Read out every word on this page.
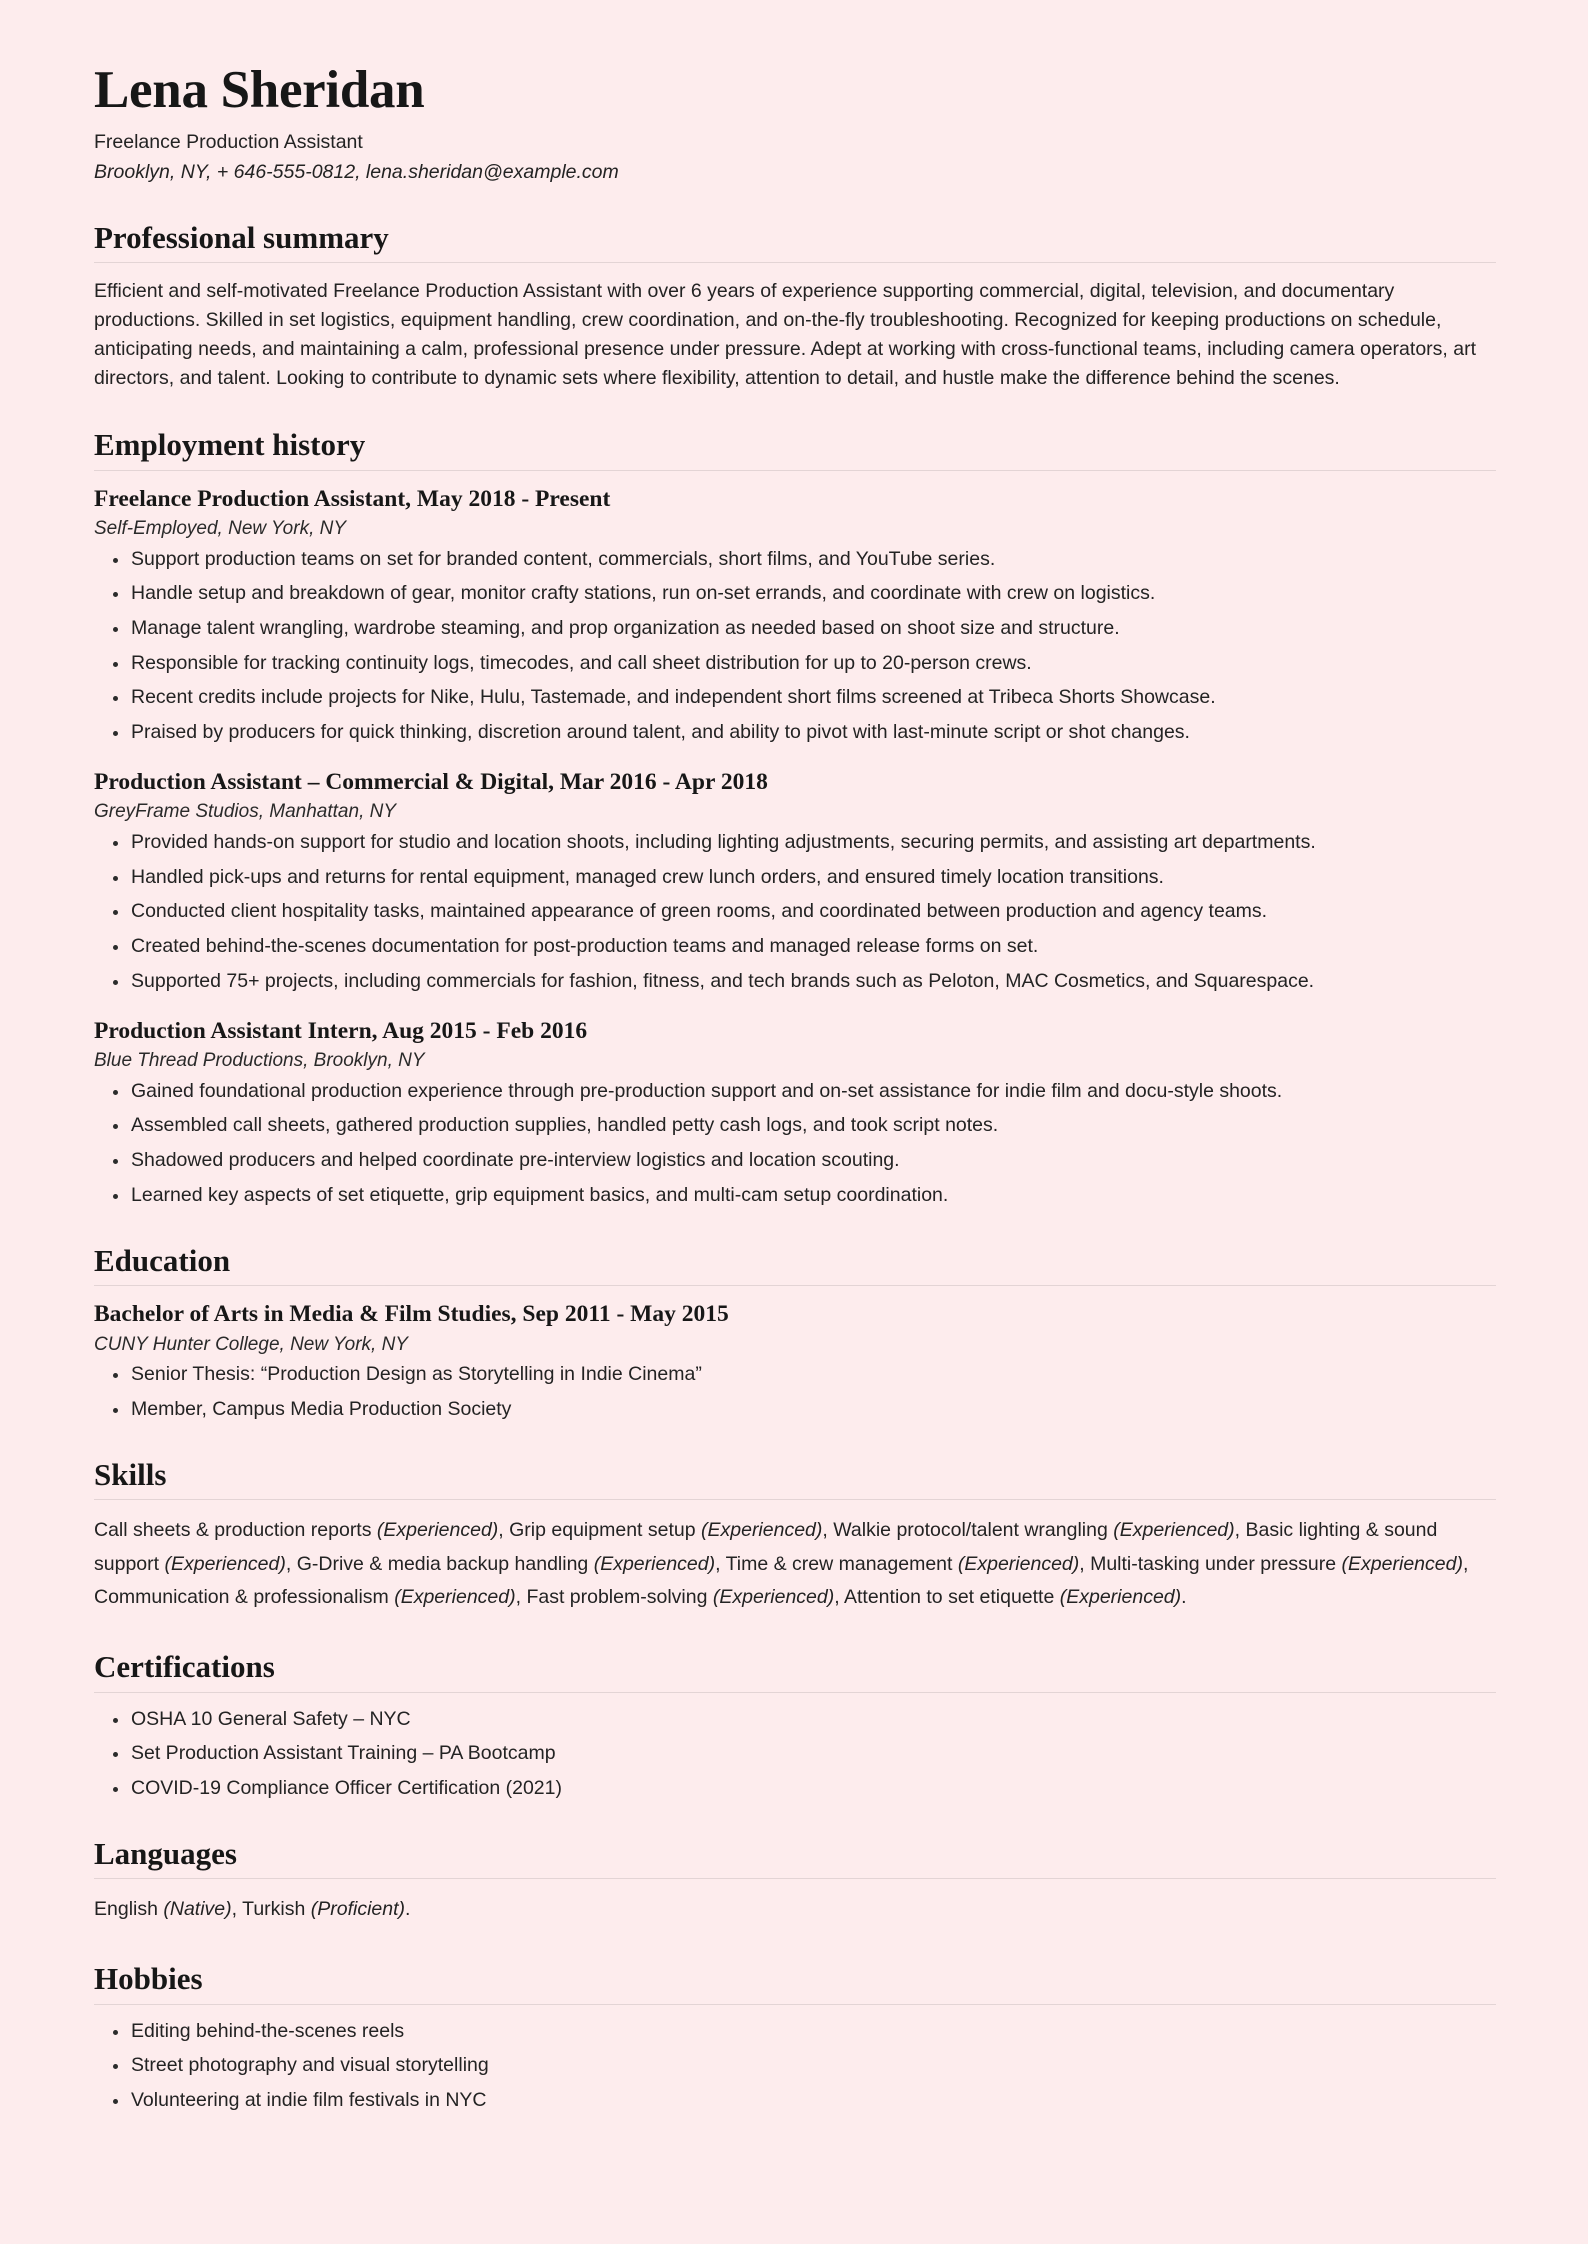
Lena Sheridan

Freelance Production Assistant

Brooklyn, NY, + 646-555-0812, lena.sheridan@example.com

Professional summary

Efficient and self-motivated Freelance Production Assistant with over 6 years of experience supporting commercial, digital, television, and documentary productions. Skilled in set logistics, equipment handling, crew coordination, and on-the-fly troubleshooting. Recognized for keeping productions on schedule, anticipating needs, and maintaining a calm, professional presence under pressure. Adept at working with cross-functional teams, including camera operators, art directors, and talent. Looking to contribute to dynamic sets where flexibility, attention to detail, and hustle make the difference behind the scenes.

Employment history
Freelance Production Assistant, May 2018 - Present
Self-Employed, New York, NY
Support production teams on set for branded content, commercials, short films, and YouTube series.
Handle setup and breakdown of gear, monitor crafty stations, run on-set errands, and coordinate with crew on logistics.
Manage talent wrangling, wardrobe steaming, and prop organization as needed based on shoot size and structure.
Responsible for tracking continuity logs, timecodes, and call sheet distribution for up to 20-person crews.
Recent credits include projects for Nike, Hulu, Tastemade, and independent short films screened at Tribeca Shorts Showcase.
Praised by producers for quick thinking, discretion around talent, and ability to pivot with last-minute script or shot changes.
Production Assistant – Commercial & Digital, Mar 2016 - Apr 2018
GreyFrame Studios, Manhattan, NY
Provided hands-on support for studio and location shoots, including lighting adjustments, securing permits, and assisting art departments.
Handled pick-ups and returns for rental equipment, managed crew lunch orders, and ensured timely location transitions.
Conducted client hospitality tasks, maintained appearance of green rooms, and coordinated between production and agency teams.
Created behind-the-scenes documentation for post-production teams and managed release forms on set.
Supported 75+ projects, including commercials for fashion, fitness, and tech brands such as Peloton, MAC Cosmetics, and Squarespace.
Production Assistant Intern, Aug 2015 - Feb 2016
Blue Thread Productions, Brooklyn, NY
Gained foundational production experience through pre-production support and on-set assistance for indie film and docu-style shoots.
Assembled call sheets, gathered production supplies, handled petty cash logs, and took script notes.
Shadowed producers and helped coordinate pre-interview logistics and location scouting.
Learned key aspects of set etiquette, grip equipment basics, and multi-cam setup coordination.
Education
Bachelor of Arts in Media & Film Studies, Sep 2011 - May 2015
CUNY Hunter College, New York, NY
Senior Thesis: “Production Design as Storytelling in Indie Cinema”
Member, Campus Media Production Society
Skills

Call sheets & production reports (Experienced), Grip equipment setup (Experienced), Walkie protocol/talent wrangling (Experienced), Basic lighting & sound support (Experienced), G-Drive & media backup handling (Experienced), Time & crew management (Experienced), Multi-tasking under pressure (Experienced), Communication & professionalism (Experienced), Fast problem-solving (Experienced), Attention to set etiquette (Experienced).

Certifications
OSHA 10 General Safety – NYC
Set Production Assistant Training – PA Bootcamp
COVID-19 Compliance Officer Certification (2021)
Languages

English (Native), Turkish (Proficient).

Hobbies
Editing behind-the-scenes reels
Street photography and visual storytelling
Volunteering at indie film festivals in NYC
